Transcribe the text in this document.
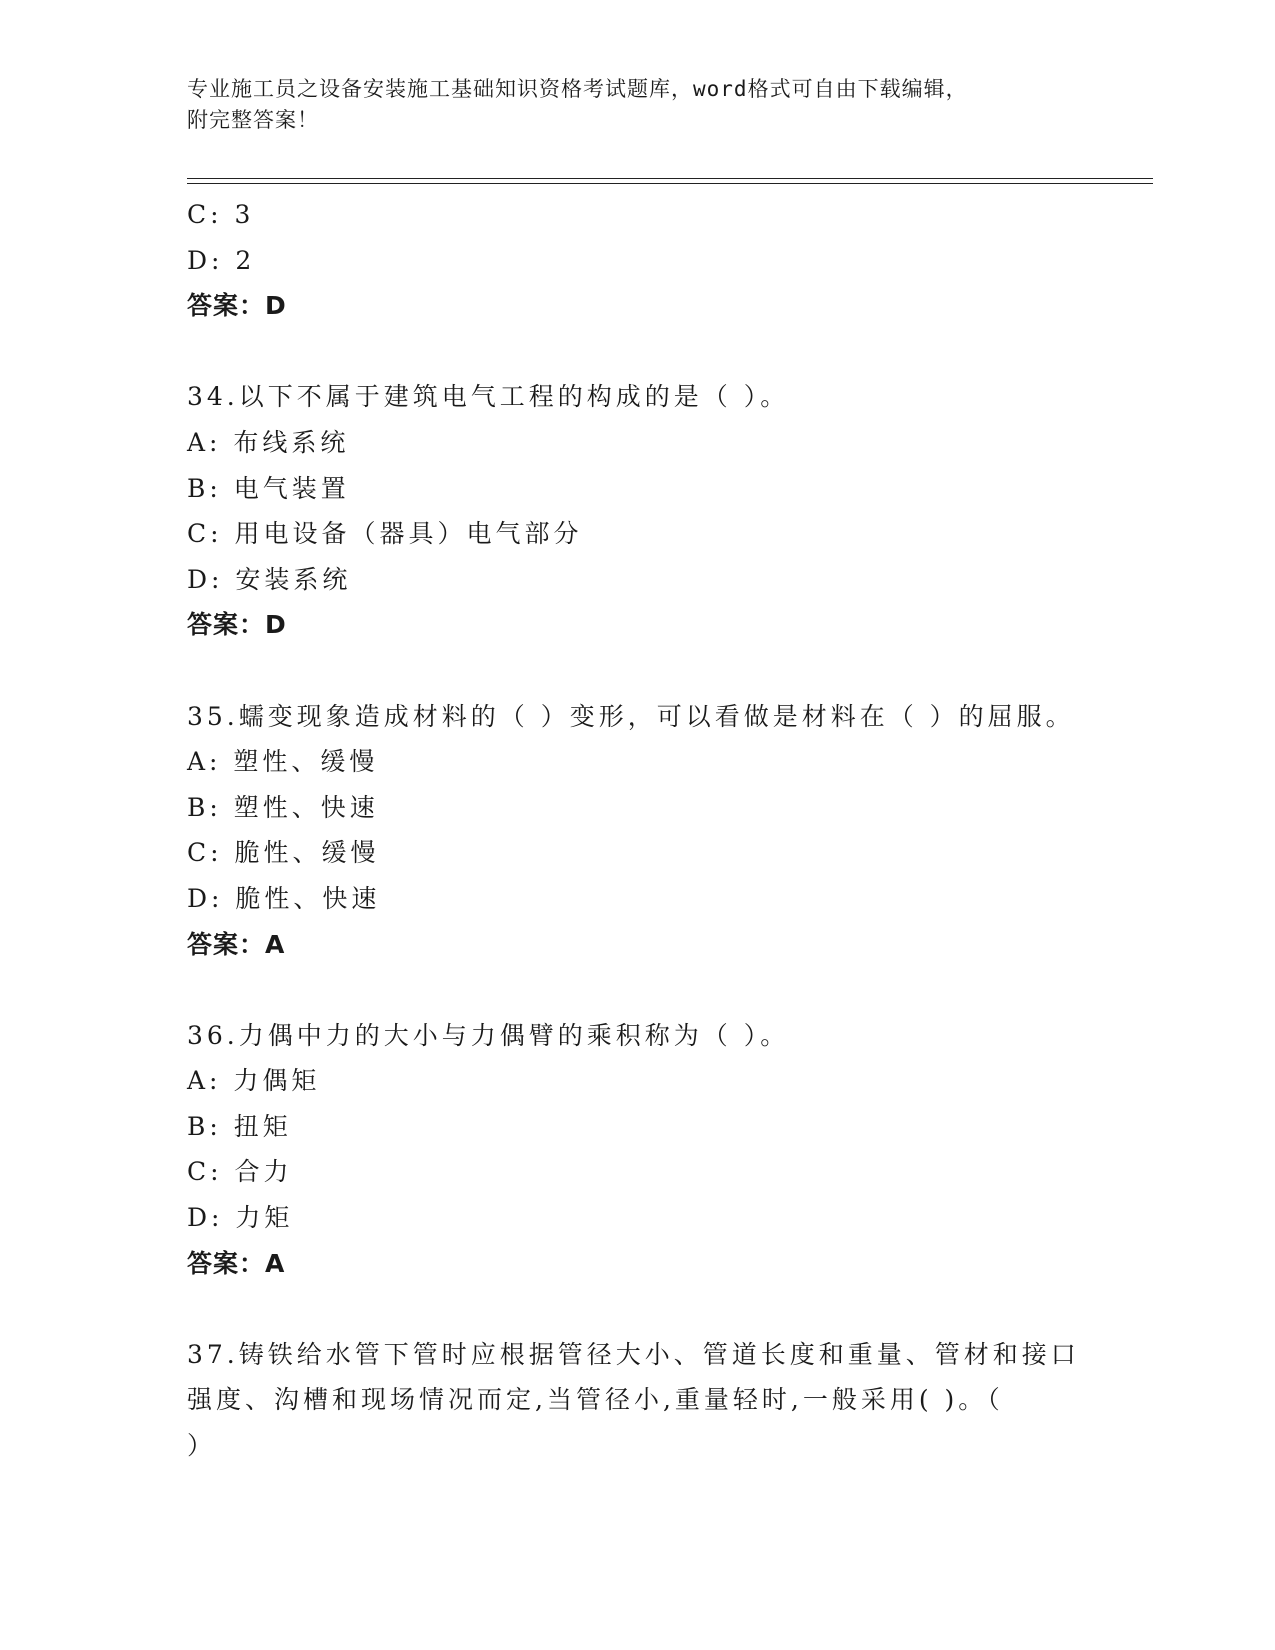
专业施工员之设备安装施工基础知识资格考试题库，word格式可自由下载编辑，
附完整答案！
C: 3
D: 2
答案：D
34.以下不属于建筑电气工程的构成的是（ ）。
A: 布线系统
B: 电气装置
C: 用电设备（器具）电气部分
D: 安装系统
答案：D
35.蠕变现象造成材料的（ ）变形，可以看做是材料在（ ）的屈服。
A: 塑性、缓慢
B: 塑性、快速
C: 脆性、缓慢
D: 脆性、快速
答案：A
36.力偶中力的大小与力偶臂的乘积称为（ ）。
A: 力偶矩
B: 扭矩
C: 合力
D: 力矩
答案：A
37.铸铁给水管下管时应根据管径大小、管道长度和重量、管材和接口
强度、沟槽和现场情况而定,当管径小,重量轻时,一般采用( )。（
）
